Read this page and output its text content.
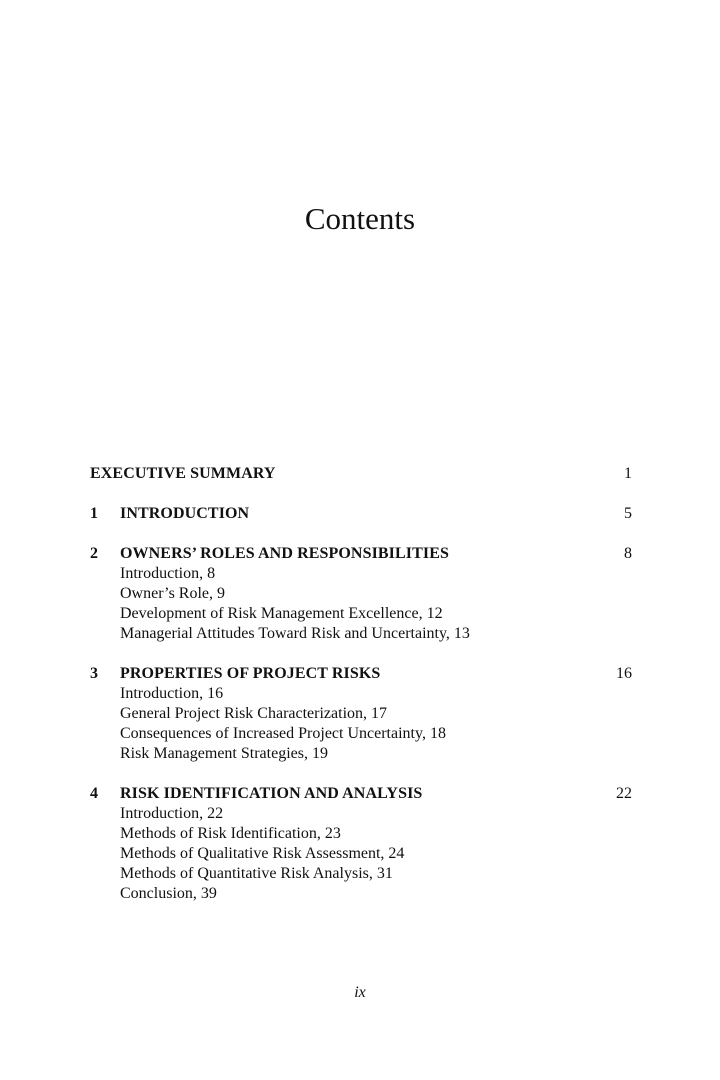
Contents
EXECUTIVE SUMMARY	1
1	INTRODUCTION	5
2	OWNERS’ ROLES AND RESPONSIBILITIES	8
Introduction, 8
Owner’s Role, 9
Development of Risk Management Excellence, 12
Managerial Attitudes Toward Risk and Uncertainty, 13
3	PROPERTIES OF PROJECT RISKS	16
Introduction, 16
General Project Risk Characterization, 17
Consequences of Increased Project Uncertainty, 18
Risk Management Strategies, 19
4	RISK IDENTIFICATION AND ANALYSIS	22
Introduction, 22
Methods of Risk Identification, 23
Methods of Qualitative Risk Assessment, 24
Methods of Quantitative Risk Analysis, 31
Conclusion, 39
ix
